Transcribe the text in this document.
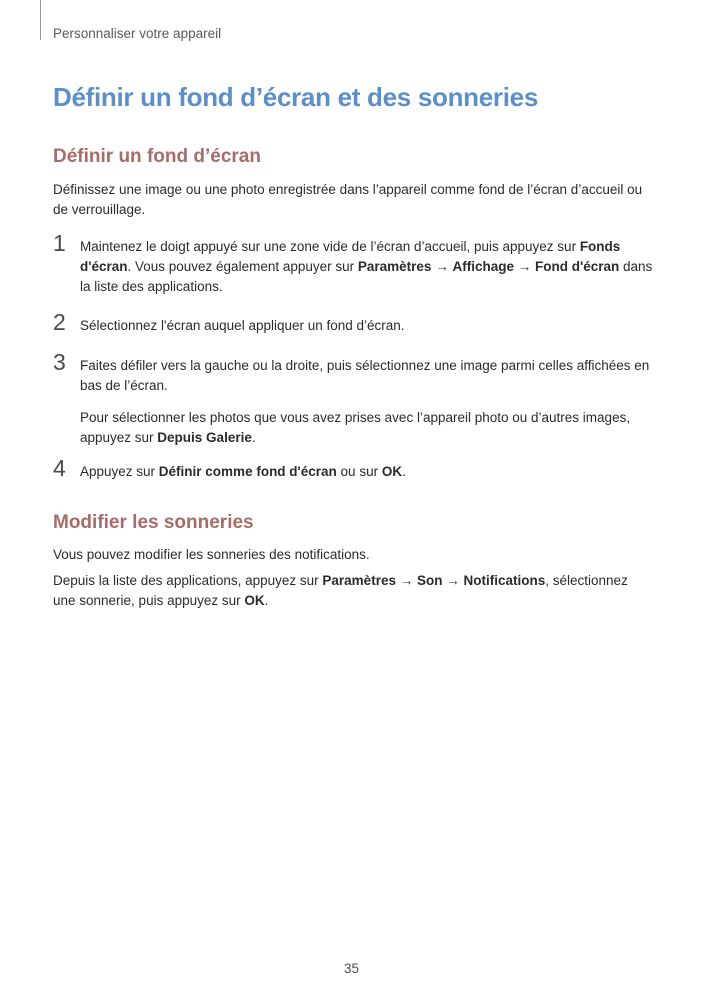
Personnaliser votre appareil
Définir un fond d’écran et des sonneries
Définir un fond d’écran

Définissez une image ou une photo enregistrée dans l’appareil comme fond de l’écran d’accueil ou de verrouillage.

1 Maintenez le doigt appuyé sur une zone vide de l’écran d’accueil, puis appuyez sur Fonds d'écran. Vous pouvez également appuyer sur Paramètres → Affichage → Fond d'écran dans la liste des applications.

2 Sélectionnez l'écran auquel appliquer un fond d’écran.

3 Faites défiler vers la gauche ou la droite, puis sélectionnez une image parmi celles affichées en bas de l’écran.

Pour sélectionner les photos que vous avez prises avec l’appareil photo ou d’autres images, appuyez sur Depuis Galerie.

4 Appuyez sur Définir comme fond d'écran ou sur OK.

Modifier les sonneries

Vous pouvez modifier les sonneries des notifications.

Depuis la liste des applications, appuyez sur Paramètres → Son → Notifications, sélectionnez une sonnerie, puis appuyez sur OK.

35
